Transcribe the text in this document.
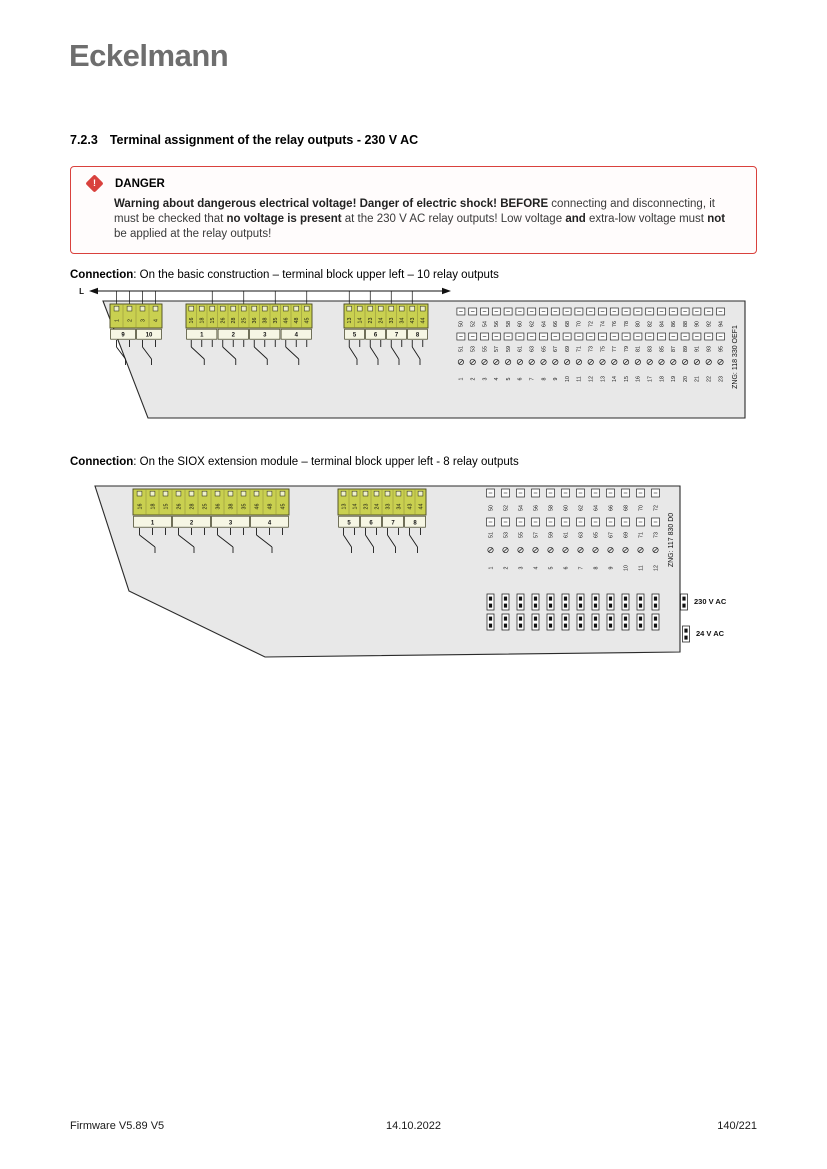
Eckelmann
7.2.3 Terminal assignment of the relay outputs - 230 V AC
! DANGER

Warning about dangerous electrical voltage! Danger of electric shock! BEFORE connecting and disconnecting, it must be checked that no voltage is present at the 230 V AC relay outputs! Low voltage and extra-low voltage must not be applied at the relay outputs!

Connection: On the basic construction – terminal block upper left – 10 relay outputs

L
1 2 3 4
9	10
16 18 15 26 28 25 36 38 35 46 48 45
1	2	3	4
13 14 23 24 33 34 43 44
5	6	7	8
50
51
1
52
53
2
54
55
3
56
57
4
58
59
5
60
61
6
62
63
7
64
65
8
66
67
9
68
69
10
70
71
11
72
73
12
74
75
13
76
77
14
78
79
15
80
81
16
82
83
17
84
85
18
86
87
19
88
89
20
90
91
21
92
93
22
94
95
23 ZNG: 118 330 OEF1

Connection: On the SIOX extension module – terminal block upper left - 8 relay outputs

16 18 15 26 28 25 36 38 35 46 48 45
1	2	3	4
13 14 23 24 33 34 43 44
5	6	7	8
50
51
1
52
53
2
54
55
3
56
57
4
58
59
5
60
61
6
62
63
7
64
65
8
66
67
9
68
69
10
70
71
11
72
73
12
230 V AC
24 V AC
ZNG: 117 830 D0
Firmware V5.89 V5	14.10.2022	140/221
